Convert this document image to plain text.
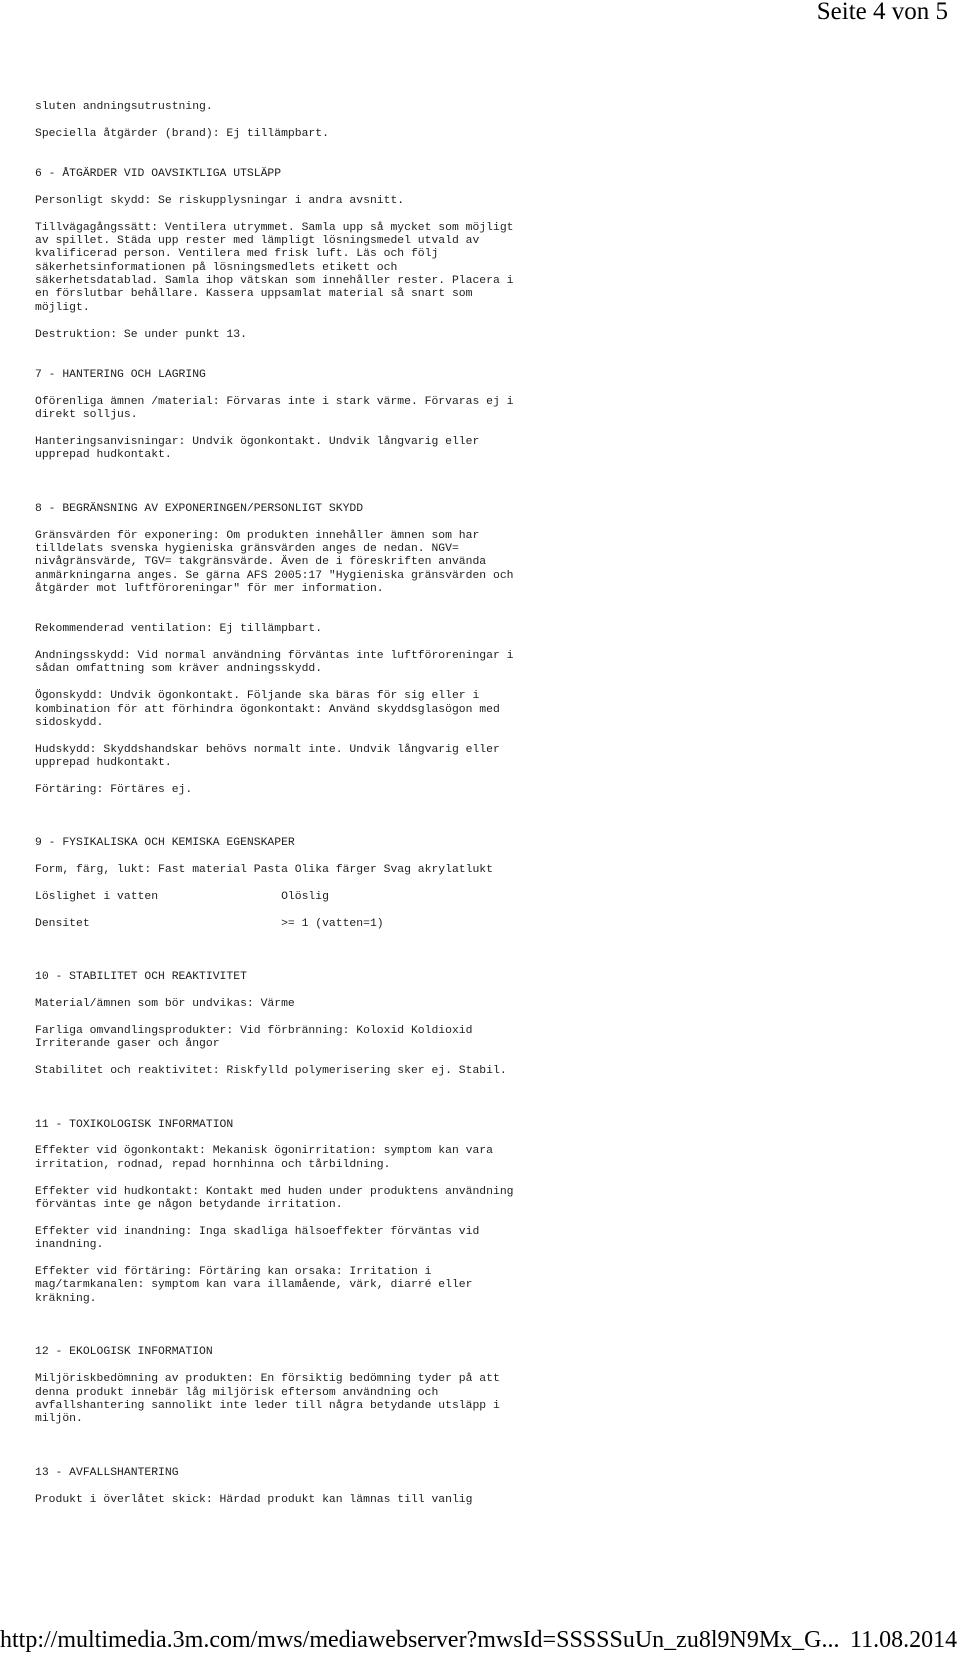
Seite 4 von 5
sluten andningsutrustning.
Speciella åtgärder (brand): Ej tillämpbart.
6 - ÅTGÄRDER VID OAVSIKTLIGA UTSLÄPP
Personligt skydd: Se riskupplysningar i andra avsnitt.
Tillvägagångssätt: Ventilera utrymmet. Samla upp så mycket som möjligt
av spillet. Städa upp rester med lämpligt lösningsmedel utvald av
kvalificerad person. Ventilera med frisk luft. Läs och följ
säkerhetsinformationen på lösningsmedlets etikett och
säkerhetsdatablad. Samla ihop vätskan som innehåller rester. Placera i
en förslutbar behållare. Kassera uppsamlat material så snart som
möjligt.
Destruktion: Se under punkt 13.
7 - HANTERING OCH LAGRING
Oförenliga ämnen /material: Förvaras inte i stark värme. Förvaras ej i
direkt solljus.
Hanteringsanvisningar: Undvik ögonkontakt. Undvik långvarig eller
upprepad hudkontakt.
8 - BEGRÄNSNING AV EXPONERINGEN/PERSONLIGT SKYDD
Gränsvärden för exponering: Om produkten innehåller ämnen som har
tilldelats svenska hygieniska gränsvärden anges de nedan. NGV=
nivågränsvärde, TGV= takgränsvärde. Även de i föreskriften använda
anmärkningarna anges. Se gärna AFS 2005:17 "Hygieniska gränsvärden och
åtgärder mot luftföroreningar" för mer information.
Rekommenderad ventilation: Ej tillämpbart.
Andningsskydd: Vid normal användning förväntas inte luftföroreningar i
sådan omfattning som kräver andningsskydd.
Ögonskydd: Undvik ögonkontakt. Följande ska bäras för sig eller i
kombination för att förhindra ögonkontakt: Använd skyddsglasögon med
sidoskydd.
Hudskydd: Skyddshandskar behövs normalt inte. Undvik långvarig eller
upprepad hudkontakt.
Förtäring: Förtäres ej.
9 - FYSIKALISKA OCH KEMISKA EGENSKAPER
Form, färg, lukt: Fast material Pasta Olika färger Svag akrylatlukt
Löslighet i vatten                  Olöslig
Densitet                            >= 1 (vatten=1)
10 - STABILITET OCH REAKTIVITET
Material/ämnen som bör undvikas: Värme
Farliga omvandlingsprodukter: Vid förbränning: Koloxid Koldioxid
Irriterande gaser och ångor
Stabilitet och reaktivitet: Riskfylld polymerisering sker ej. Stabil.
11 - TOXIKOLOGISK INFORMATION
Effekter vid ögonkontakt: Mekanisk ögonirritation: symptom kan vara
irritation, rodnad, repad hornhinna och tårbildning.
Effekter vid hudkontakt: Kontakt med huden under produktens användning
förväntas inte ge någon betydande irritation.
Effekter vid inandning: Inga skadliga hälsoeffekter förväntas vid
inandning.
Effekter vid förtäring: Förtäring kan orsaka: Irritation i
mag/tarmkanalen: symptom kan vara illamående, värk, diarré eller
kräkning.
12 - EKOLOGISK INFORMATION
Miljöriskbedömning av produkten: En försiktig bedömning tyder på att
denna produkt innebär låg miljörisk eftersom användning och
avfallshantering sannolikt inte leder till några betydande utsläpp i
miljön.
13 - AVFALLSHANTERING
Produkt i överlåtet skick: Härdad produkt kan lämnas till vanlig
http://multimedia.3m.com/mws/mediawebserver?mwsId=SSSSSuUn_zu8l9N9Mx_G... 11.08.2014
